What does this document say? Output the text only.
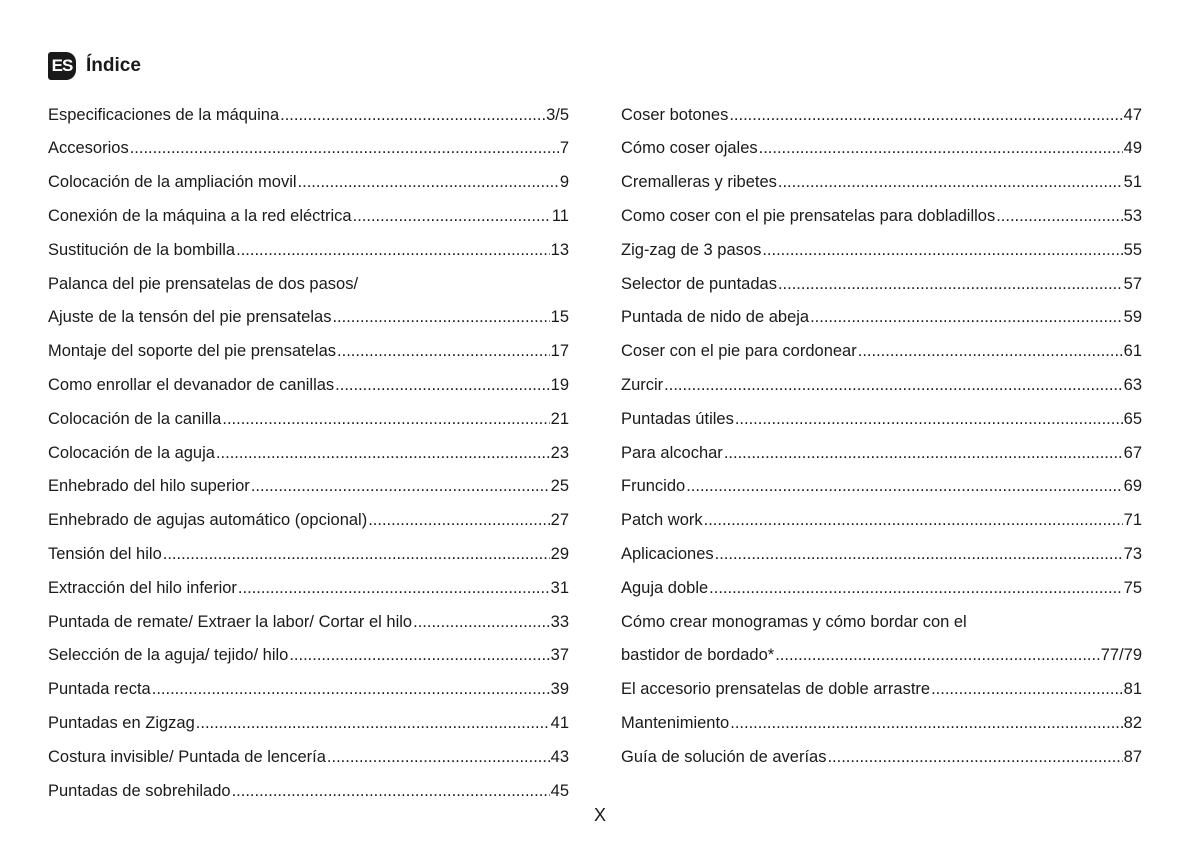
ES Índice
Especificaciones de la máquina .....	3/5
Accesorios .....	7
Colocación de la ampliación movil .....	9
Conexión de la máquina a la red eléctrica .....	11
Sustitución de la bombilla .....	13
Palanca del pie prensatelas de dos pasos/
Ajuste de la tensón del pie prensatelas .....	15
Montaje del soporte del pie prensatelas .....	17
Como enrollar el devanador de canillas .....	19
Colocación de la canilla .....	21
Colocación de la aguja .....	23
Enhebrado del hilo superior .....	25
Enhebrado de agujas automático (opcional) .....	27
Tensión del hilo .....	29
Extracción del hilo inferior .....	31
Puntada de remate/ Extraer la labor/ Cortar el hilo .....	33
Selección de la aguja/ tejido/ hilo .....	37
Puntada recta .....	39
Puntadas en Zigzag .....	41
Costura invisible/ Puntada de lencería .....	43
Puntadas de sobrehilado .....	45
Coser botones .....	47
Cómo coser ojales .....	49
Cremalleras y ribetes .....	51
Como coser con el pie prensatelas para dobladillos .....	53
Zig-zag de 3 pasos .....	55
Selector de puntadas .....	57
Puntada de nido de abeja .....	59
Coser con el pie para cordonear .....	61
Zurcir .....	63
Puntadas útiles .....	65
Para alcochar .....	67
Fruncido .....	69
Patch work .....	71
Aplicaciones .....	73
Aguja doble .....	75
Cómo crear monogramas y cómo bordar con el
bastidor de bordado* .....	77/79
El accesorio prensatelas de doble arrastre .....	81
Mantenimiento .....	82
Guía de solución de averías .....	87
X
